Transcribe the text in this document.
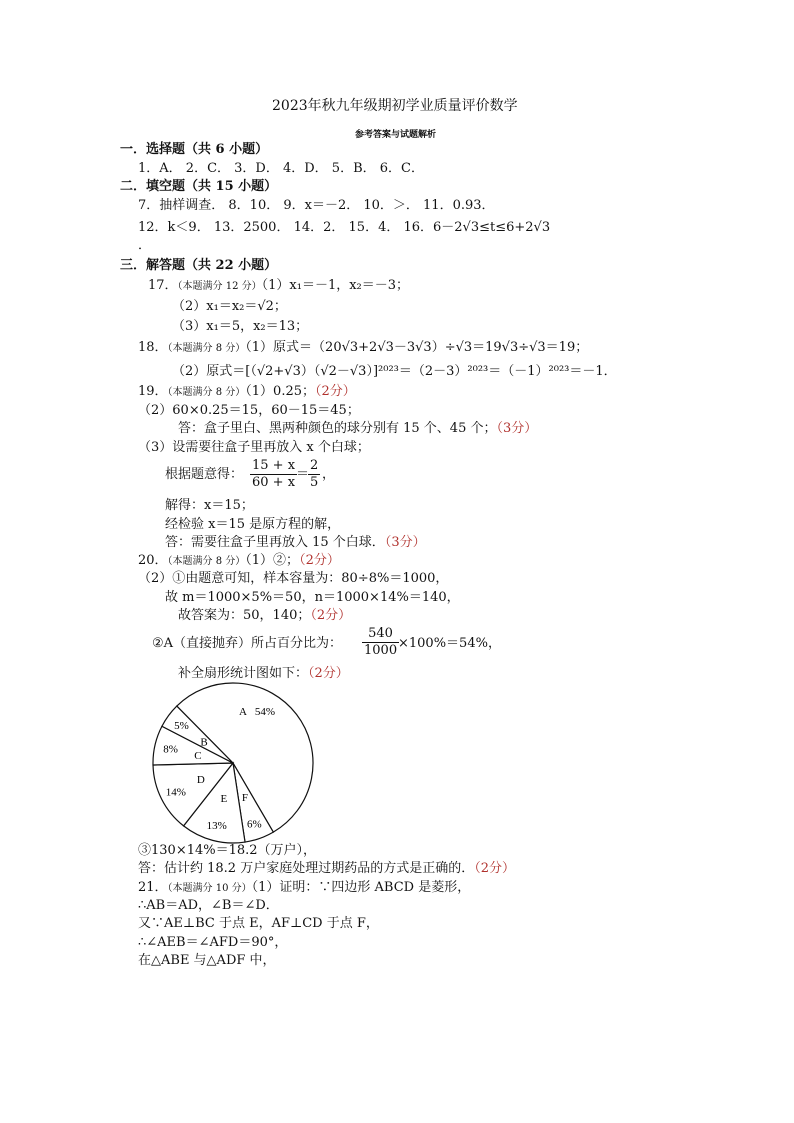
2023年秋九年级期初学业质量评价数学
参考答案与试题解析
一．选择题（共 6 小题）
1．A． 2．C． 3．D． 4．D． 5．B． 6．C．
二．填空题（共 15 小题）
7．抽样调查． 8．10． 9．x＝－2． 10．＞． 11．0.93．
12．k＜9． 13．2500． 14．2． 15．4． 16．6－2√3≤t≤6+2√3
．
三．解答题（共 22 小题）
17．（本题满分 12 分）（1）x₁＝－1，x₂＝－3；
（2）x₁＝x₂＝√2；
（3）x₁＝5，x₂＝13；
18．（本题满分 8 分）（1）原式＝（20√3+2√3－3√3）÷√3＝19√3÷√3＝19；
（2）原式＝[（√2+√3）（√2－√3）]²⁰²³＝（2－3）²⁰²³＝（－1）²⁰²³＝－1．
19．（本题满分 8 分）（1）0.25；（2分）
（2）60×0.25＝15，60－15＝45；
答：盒子里白、黑两种颜色的球分别有 15 个、45 个；（3分）
（3）设需要往盒子里再放入 x 个白球；
根据题意得： $\frac{15 + x}{60 + x}$
＝
$\frac{2}{5}$ ，
解得：x＝15；
经检验 x＝15 是原方程的解，
答：需要往盒子里再放入 15 个白球．（3分）
20．（本题满分 8 分）（1）②；（2分）
（2）①由题意可知，样本容量为：80÷8%＝1000，
故 m＝1000×5%＝50，n＝1000×14%＝140，
故答案为：50，140；（2分）
②A（直接抛弃）所占百分比为： $\frac{540}{1000}$
×100%＝54%，
补全扇形统计图如下：（2分）
A 54%
F
6%
E
13%
D
14%
C
8%
B
5%
③130×14%＝18.2（万户），
答：估计约 18.2 万户家庭处理过期药品的方式是正确的．（2分）
21．（本题满分 10 分）（1）证明：∵四边形 ABCD 是菱形，
∴AB＝AD，∠B＝∠D．
又∵AE⊥BC 于点 E，AF⊥CD 于点 F，
∴∠AEB＝∠AFD＝90°，
在△ABE 与△ADF 中，
